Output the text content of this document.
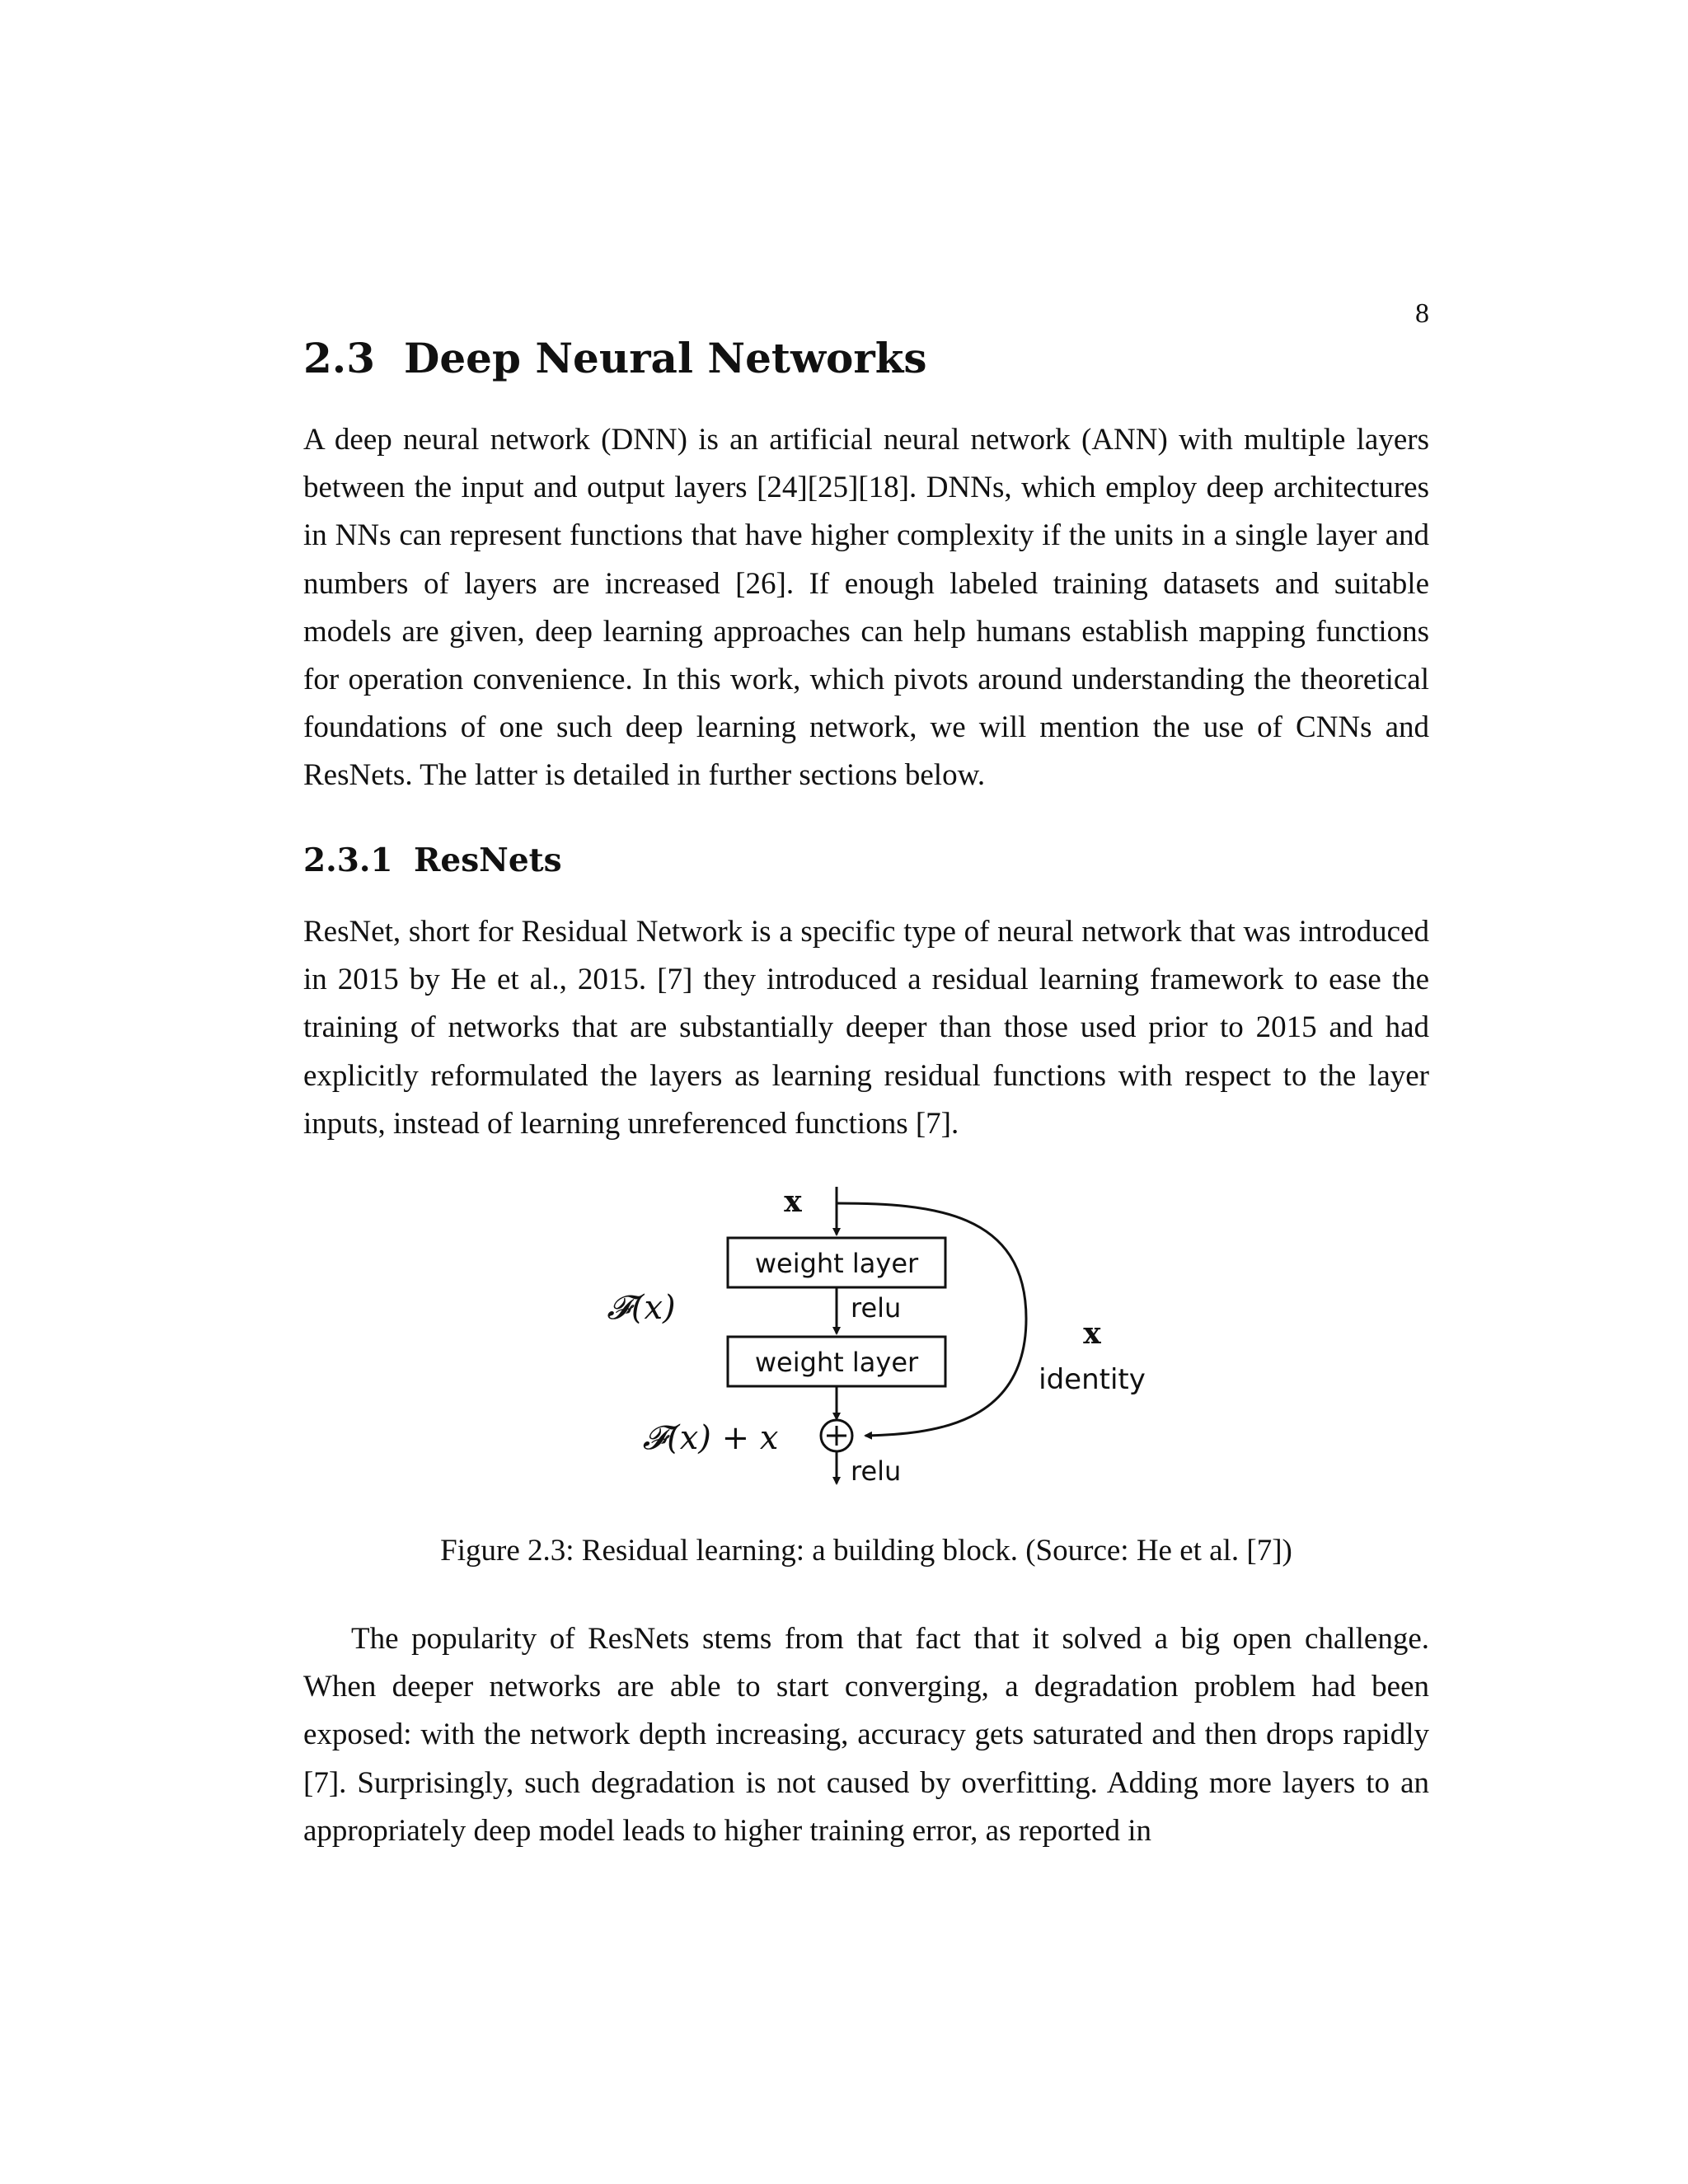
8
2.3 Deep Neural Networks

A deep neural network (DNN) is an artificial neural network (ANN) with multiple layers between the input and output layers [24][25][18]. DNNs, which employ deep architectures in NNs can represent functions that have higher complexity if the units in a single layer and numbers of layers are increased [26]. If enough labeled training datasets and suitable models are given, deep learning approaches can help humans establish mapping functions for operation convenience. In this work, which pivots around understanding the theoretical foundations of one such deep learning network, we will mention the use of CNNs and ResNets. The latter is detailed in further sections below.

2.3.1 ResNets

ResNet, short for Residual Network is a specific type of neural network that was introduced in 2015 by He et al., 2015. [7] they introduced a residual learning framework to ease the training of networks that are substantially deeper than those used prior to 2015 and had explicitly reformulated the layers as learning residual functions with respect to the layer inputs, instead of learning unreferenced functions [7].

x
weight layer
relu
𝓕(x)
weight layer
𝓕(x) + x
relu
x
identity
Figure 2.3: Residual learning: a building block. (Source: He et al. [7])

The popularity of ResNets stems from that fact that it solved a big open challenge. When deeper networks are able to start converging, a degradation problem had been exposed: with the network depth increasing, accuracy gets saturated and then drops rapidly [7]. Surprisingly, such degradation is not caused by overfitting. Adding more layers to an appropriately deep model leads to higher training error, as reported in
